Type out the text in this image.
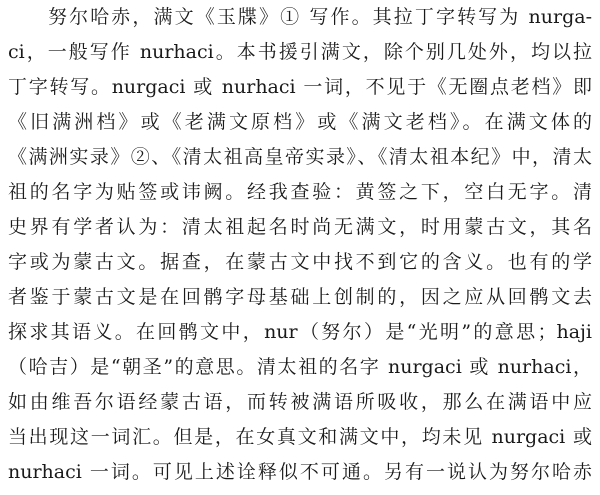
努尔哈赤，满文《玉牒》① 写作。其拉丁字转写为 nurga-
ci，一般写作 nurhaci。本书援引满文，除个别几处外，均以拉
丁字转写。nurgaci 或 nurhaci 一词，不见于《无圈点老档》即
《旧满洲档》或《老满文原档》或《满文老档》。在满文体的
《满洲实录》②、《清太祖高皇帝实录》、《清太祖本纪》中，清太
祖的名字为贴签或讳阙。经我查验：黄签之下，空白无字。清
史界有学者认为：清太祖起名时尚无满文，时用蒙古文，其名
字或为蒙古文。据查，在蒙古文中找不到它的含义。也有的学
者鉴于蒙古文是在回鹘字母基础上创制的，因之应从回鹘文去
探求其语义。在回鹘文中，nur（努尔）是“光明”的意思；haji
（哈吉）是“朝圣”的意思。清太祖的名字 nurgaci 或 nurhaci，
如由维吾尔语经蒙古语，而转被满语所吸收，那么在满语中应
当出现这一词汇。但是，在女真文和满文中，均未见 nurgaci 或
nurhaci 一词。可见上述诠释似不可通。另有一说认为努尔哈赤
